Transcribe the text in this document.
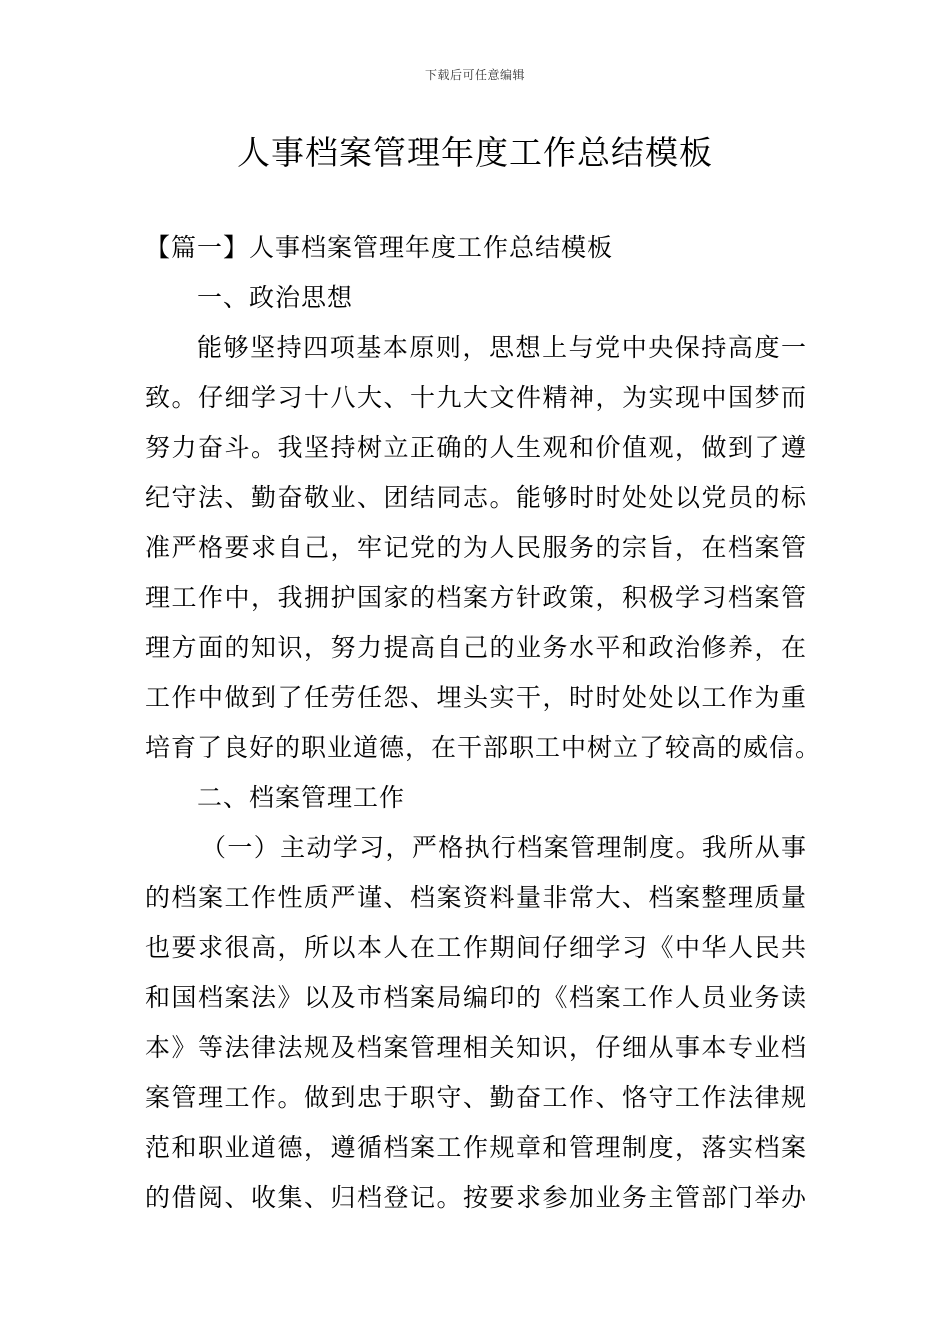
下载后可任意编辑
人事档案管理年度工作总结模板
【篇一】人事档案管理年度工作总结模板
一、政治思想
能够坚持四项基本原则，思想上与党中央保持高度一
致。仔细学习十八大、十九大文件精神，为实现中国梦而
努力奋斗。我坚持树立正确的人生观和价值观，做到了遵
纪守法、勤奋敬业、团结同志。能够时时处处以党员的标
准严格要求自己，牢记党的为人民服务的宗旨，在档案管
理工作中，我拥护国家的档案方针政策，积极学习档案管
理方面的知识，努力提高自己的业务水平和政治修养，在
工作中做到了任劳任怨、埋头实干，时时处处以工作为重
培育了良好的职业道德，在干部职工中树立了较高的威信。
二、档案管理工作
（一）主动学习，严格执行档案管理制度。我所从事
的档案工作性质严谨、档案资料量非常大、档案整理质量
也要求很高，所以本人在工作期间仔细学习《中华人民共
和国档案法》以及市档案局编印的《档案工作人员业务读
本》等法律法规及档案管理相关知识，仔细从事本专业档
案管理工作。做到忠于职守、勤奋工作、恪守工作法律规
范和职业道德，遵循档案工作规章和管理制度，落实档案
的借阅、收集、归档登记。按要求参加业务主管部门举办
